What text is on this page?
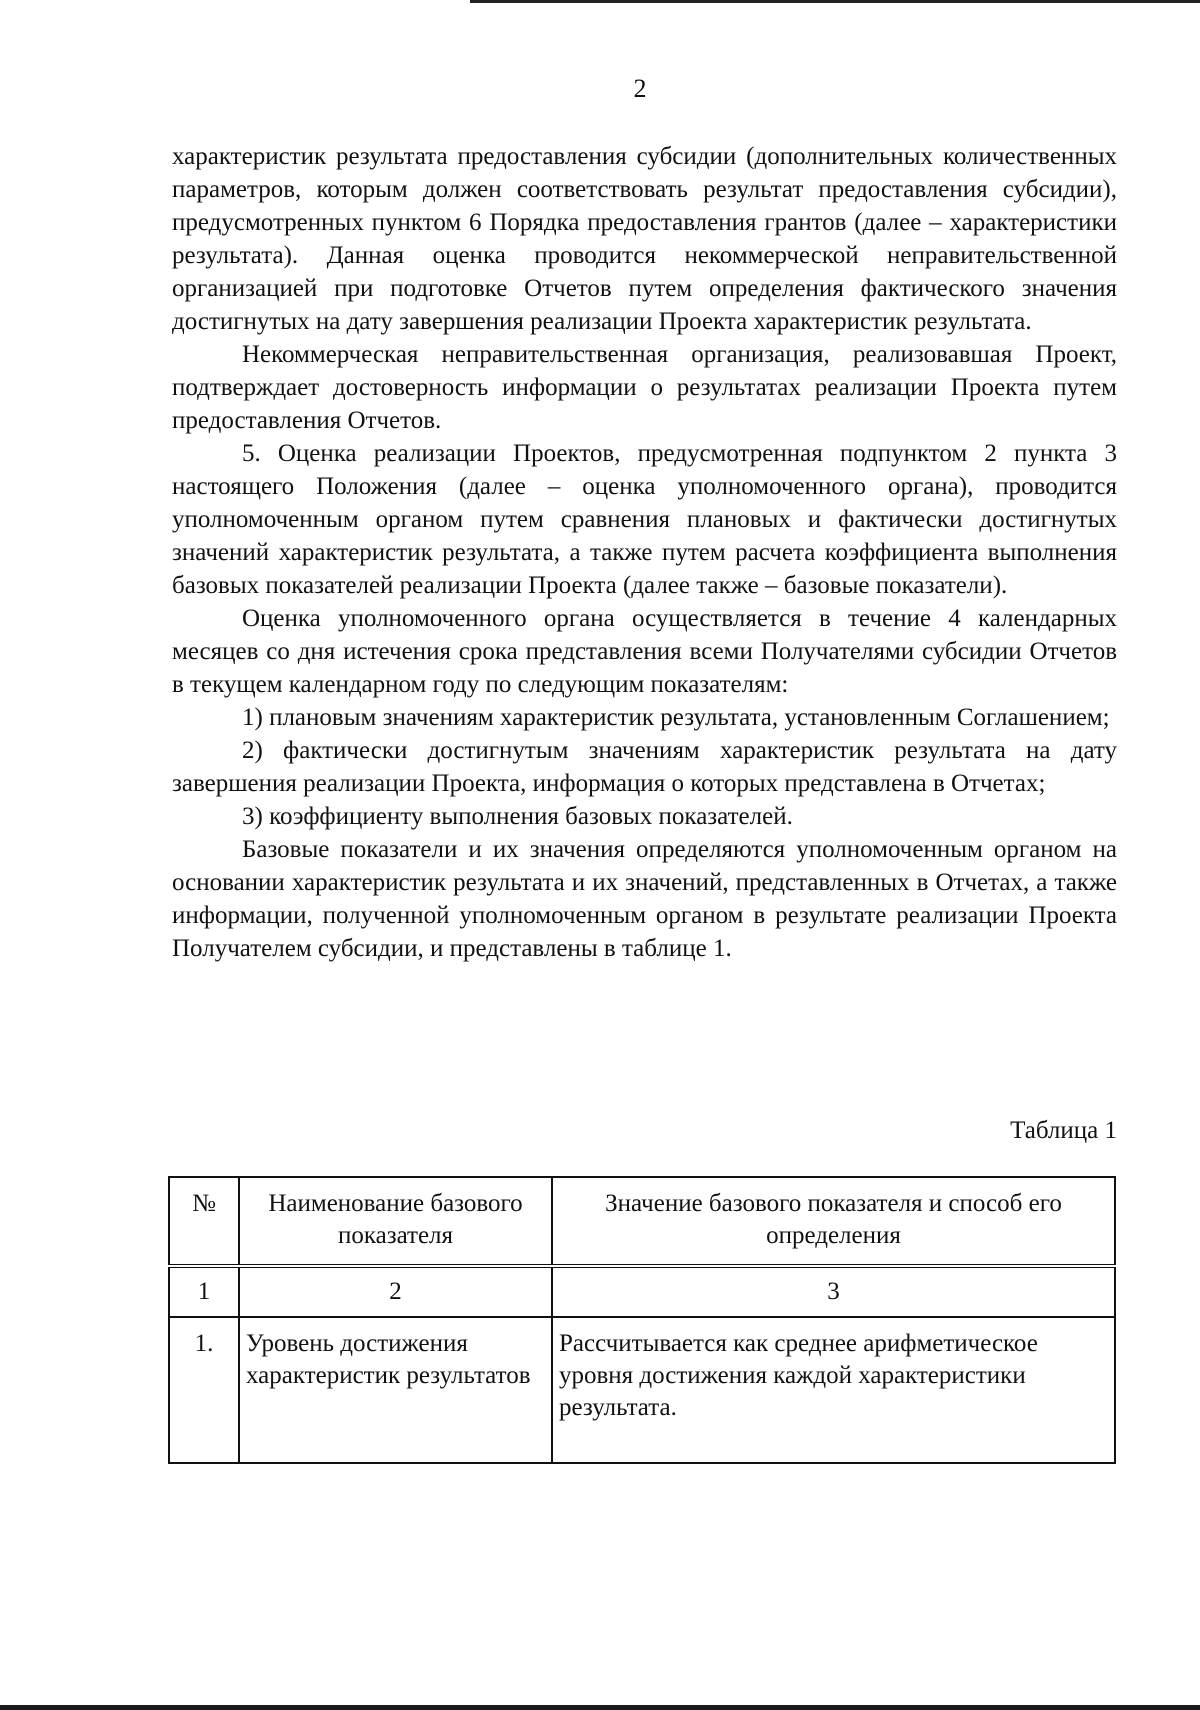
2

характеристик результата предоставления субсидии (дополнительных количественных параметров, которым должен соответствовать результат предоставления субсидии), предусмотренных пунктом 6 Порядка предоставления грантов (далее – характеристики результата). Данная оценка проводится некоммерческой неправительственной организацией при подготовке Отчетов путем определения фактического значения достигнутых на дату завершения реализации Проекта характеристик результата.

Некоммерческая неправительственная организация, реализовавшая Проект, подтверждает достоверность информации о результатах реализации Проекта путем предоставления Отчетов.

5. Оценка реализации Проектов, предусмотренная подпунктом 2 пункта 3 настоящего Положения (далее – оценка уполномоченного органа), проводится уполномоченным органом путем сравнения плановых и фактически достигнутых значений характеристик результата, а также путем расчета коэффициента выполнения базовых показателей реализации Проекта (далее также – базовые показатели).

Оценка уполномоченного органа осуществляется в течение 4 календарных месяцев со дня истечения срока представления всеми Получателями субсидии Отчетов в текущем календарном году по следующим показателям:

1) плановым значениям характеристик результата, установленным Соглашением;

2) фактически достигнутым значениям характеристик результата на дату завершения реализации Проекта, информация о которых представлена в Отчетах;

3) коэффициенту выполнения базовых показателей.

Базовые показатели и их значения определяются уполномоченным органом на основании характеристик результата и их значений, представленных в Отчетах, а также информации, полученной уполномоченным органом в результате реализации Проекта Получателем субсидии, и представлены в таблице 1.

Таблица 1
№	Наименование базового показателя	Значение базового показателя и способ его определения
1	2	3
1.	Уровень достижения характеристик результатов	Рассчитывается как среднее арифметическое уровня достижения каждой характеристики результата.
